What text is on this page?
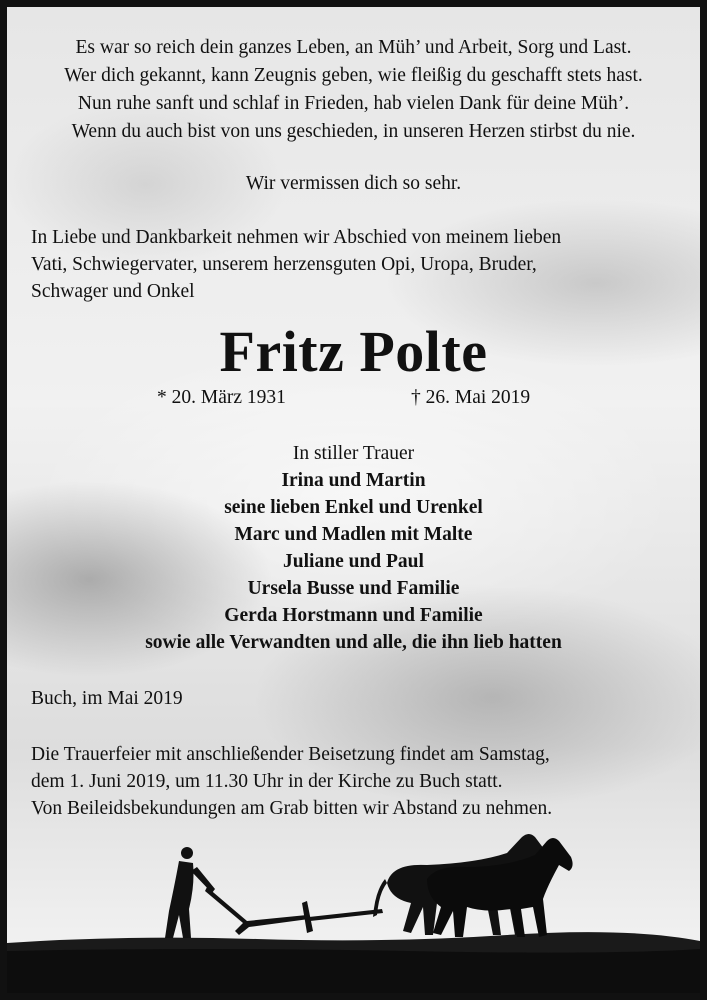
Es war so reich dein ganzes Leben, an Müh’ und Arbeit, Sorg und Last.
Wer dich gekannt, kann Zeugnis geben, wie fleißig du geschafft stets hast.
Nun ruhe sanft und schlaf in Frieden, hab vielen Dank für deine Müh’.
Wenn du auch bist von uns geschieden, in unseren Herzen stirbst du nie.
Wir vermissen dich so sehr.
In Liebe und Dankbarkeit nehmen wir Abschied von meinem lieben
Vati, Schwiegervater, unserem herzensguten Opi, Uropa, Bruder,
Schwager und Onkel
Fritz Polte
* 20. März 1931	† 26. Mai 2019
In stiller Trauer
Irina und Martin
seine lieben Enkel und Urenkel
Marc und Madlen mit Malte
Juliane und Paul
Ursela Busse und Familie
Gerda Horstmann und Familie
sowie alle Verwandten und alle, die ihn lieb hatten
Buch, im Mai 2019
Die Trauerfeier mit anschließender Beisetzung findet am Samstag,
dem 1. Juni 2019, um 11.30 Uhr in der Kirche zu Buch statt.
Von Beileidsbekundungen am Grab bitten wir Abstand zu nehmen.
